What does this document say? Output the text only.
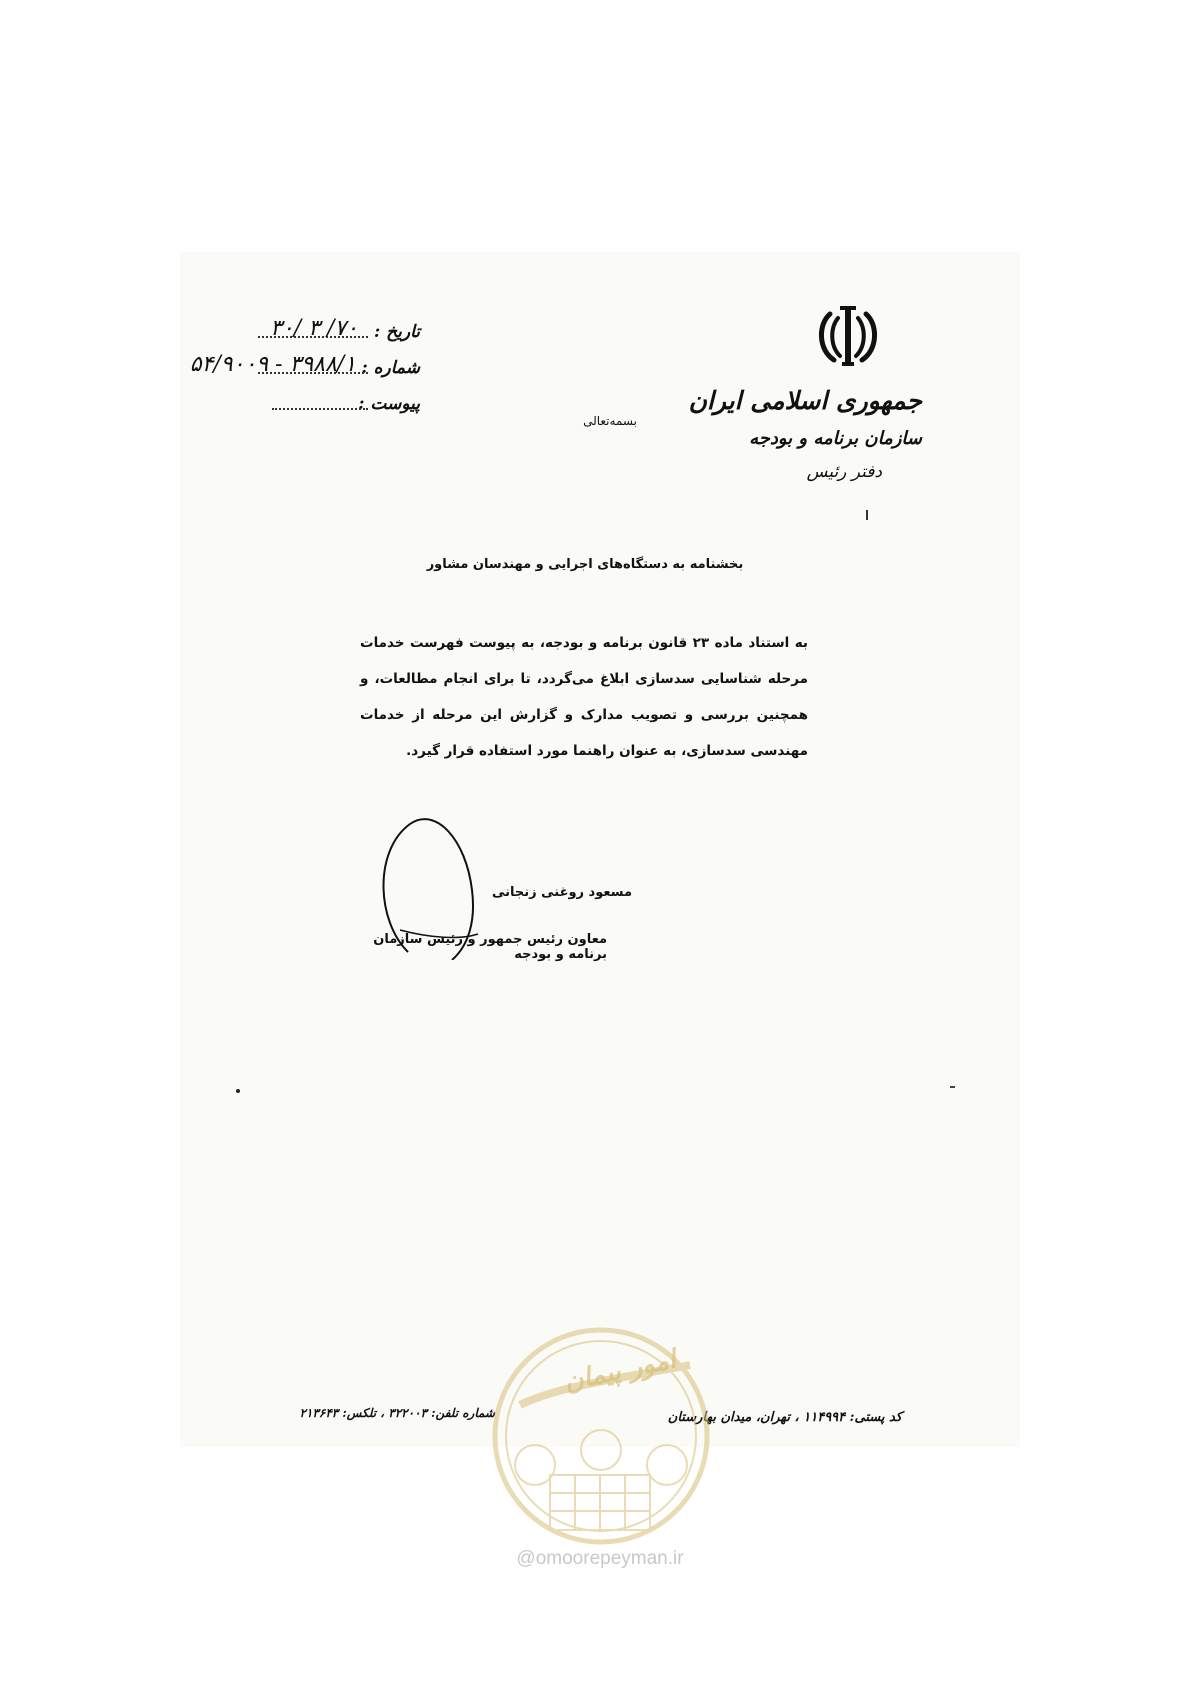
جمهوری اسلامی ایران
سازمان برنامه و بودجه
دفتر رئیس
تاریخ :
۳۰/ ۳ /۷۰
شماره :
۵۴/۹۰۰۹ - ۳۹۸۸/۱
پیوست :
بسمه‌تعالی
بخشنامه به دستگاه‌های اجرایی و مهندسان مشاور
به استناد ماده ۲۳ قانون برنامه و بودجه، به پیوست فهرست خدمات مرحله شناسایی سدسازی ابلاغ می‌گردد، تا برای انجام مطالعات، و همچنین بررسی و تصویب مدارک و گزارش این مرحله از خدمات مهندسی سدسازی، به عنوان راهنما مورد استفاده قرار گیرد.
مسعود روغنی زنجانی
معاون رئیس جمهور و رئیس سازمان برنامه و بودجه
کد پستی: ۱۱۴۹۹۴ ، تهران، میدان بهارستان
شماره تلفن: ۳۲۲۰۰۳ ، تلکس: ۲۱۳۶۴۳
امور پیمان
@omoorepeyman.ir
